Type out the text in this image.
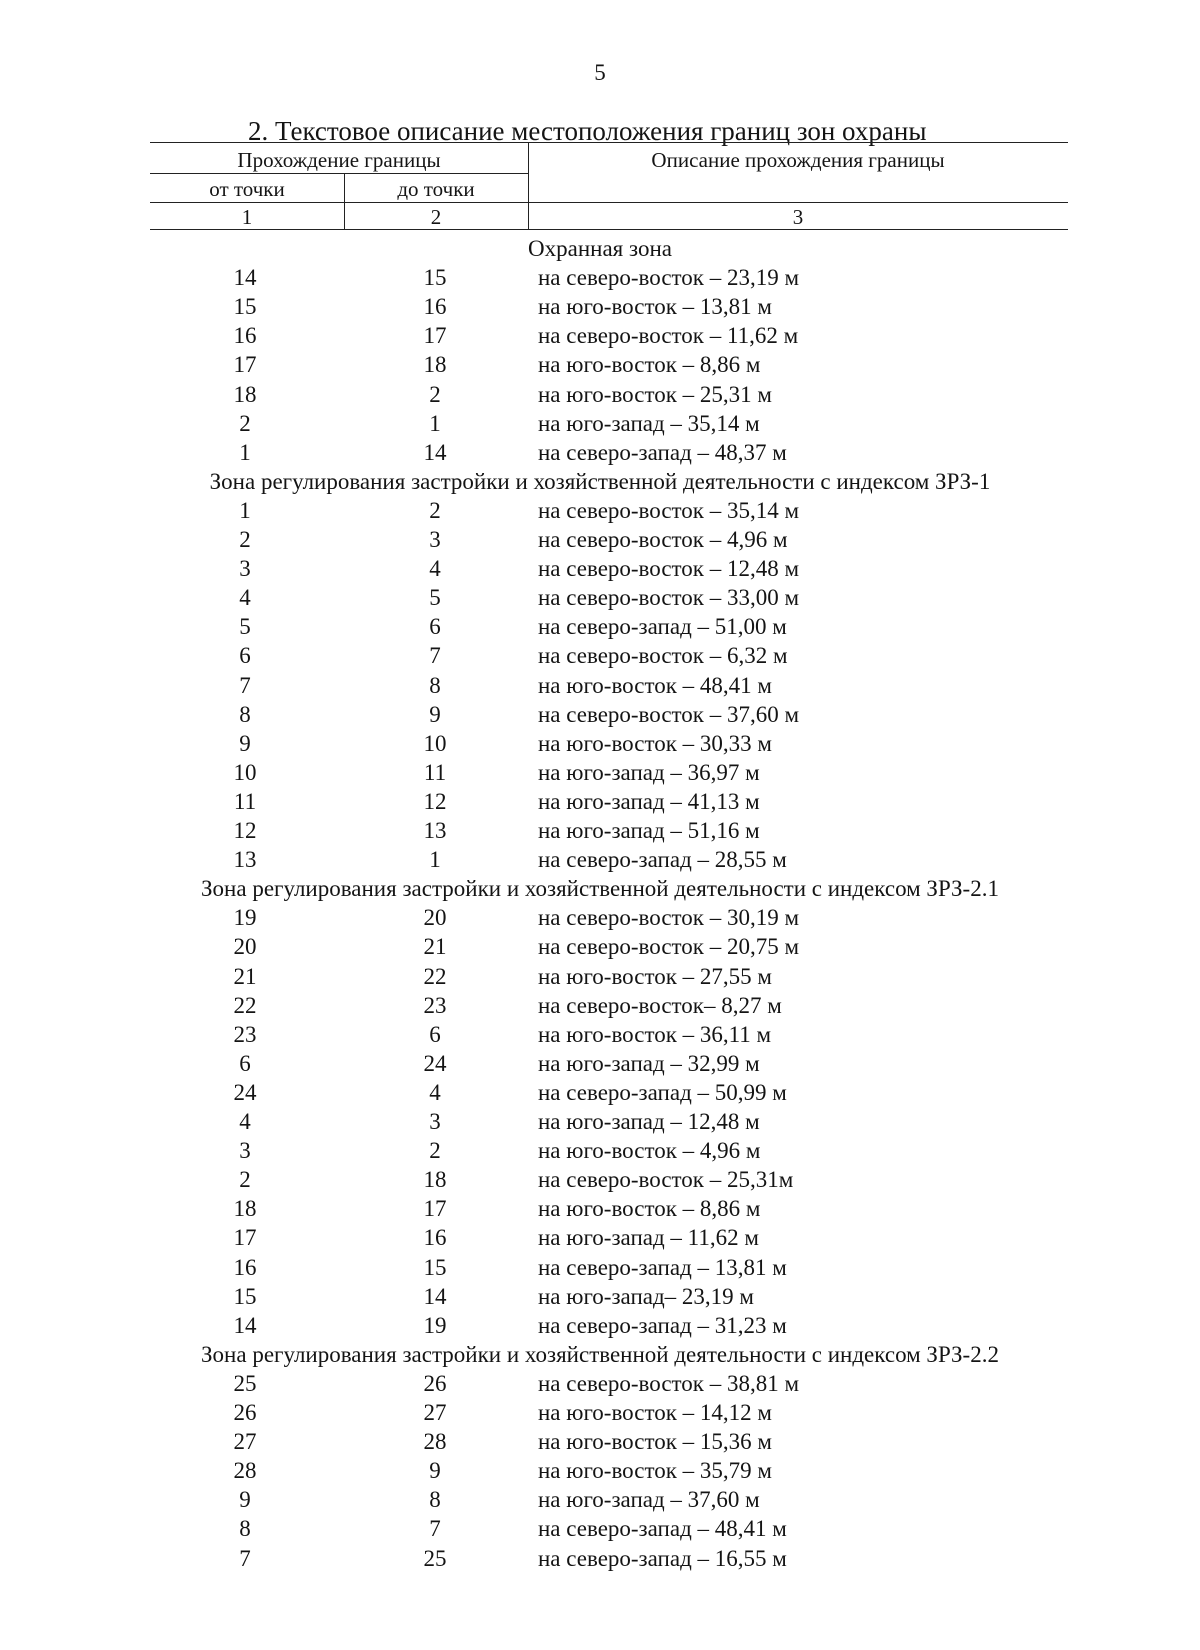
5
2. Текстовое описание местоположения границ зон охраны
Прохождение границы
от точки	до точки
Описание прохождения границы
1	2	3
Охранная зона
14	15	на северо-восток – 23,19 м
15	16	на юго-восток – 13,81 м
16	17	на северо-восток – 11,62 м
17	18	на юго-восток – 8,86 м
18	2	на юго-восток – 25,31 м
2	1	на юго-запад – 35,14 м
1	14	на северо-запад – 48,37 м
Зона регулирования застройки и хозяйственной деятельности с индексом ЗРЗ-1
1	2	на северо-восток – 35,14 м
2	3	на северо-восток – 4,96 м
3	4	на северо-восток – 12,48 м
4	5	на северо-восток – 33,00 м
5	6	на северо-запад – 51,00 м
6	7	на северо-восток – 6,32 м
7	8	на юго-восток – 48,41 м
8	9	на северо-восток – 37,60 м
9	10	на юго-восток – 30,33 м
10	11	на юго-запад – 36,97 м
11	12	на юго-запад – 41,13 м
12	13	на юго-запад – 51,16 м
13	1	на северо-запад – 28,55 м
Зона регулирования застройки и хозяйственной деятельности с индексом ЗРЗ-2.1
19	20	на северо-восток – 30,19 м
20	21	на северо-восток – 20,75 м
21	22	на юго-восток – 27,55 м
22	23	на северо-восток– 8,27 м
23	6	на юго-восток – 36,11 м
6	24	на юго-запад – 32,99 м
24	4	на северо-запад – 50,99 м
4	3	на юго-запад – 12,48 м
3	2	на юго-восток – 4,96 м
2	18	на северо-восток – 25,31м
18	17	на юго-восток – 8,86 м
17	16	на юго-запад – 11,62 м
16	15	на северо-запад – 13,81 м
15	14	на юго-запад– 23,19 м
14	19	на северо-запад – 31,23 м
Зона регулирования застройки и хозяйственной деятельности с индексом ЗРЗ-2.2
25	26	на северо-восток – 38,81 м
26	27	на юго-восток – 14,12 м
27	28	на юго-восток – 15,36 м
28	9	на юго-восток – 35,79 м
9	8	на юго-запад – 37,60 м
8	7	на северо-запад – 48,41 м
7	25	на северо-запад – 16,55 м
